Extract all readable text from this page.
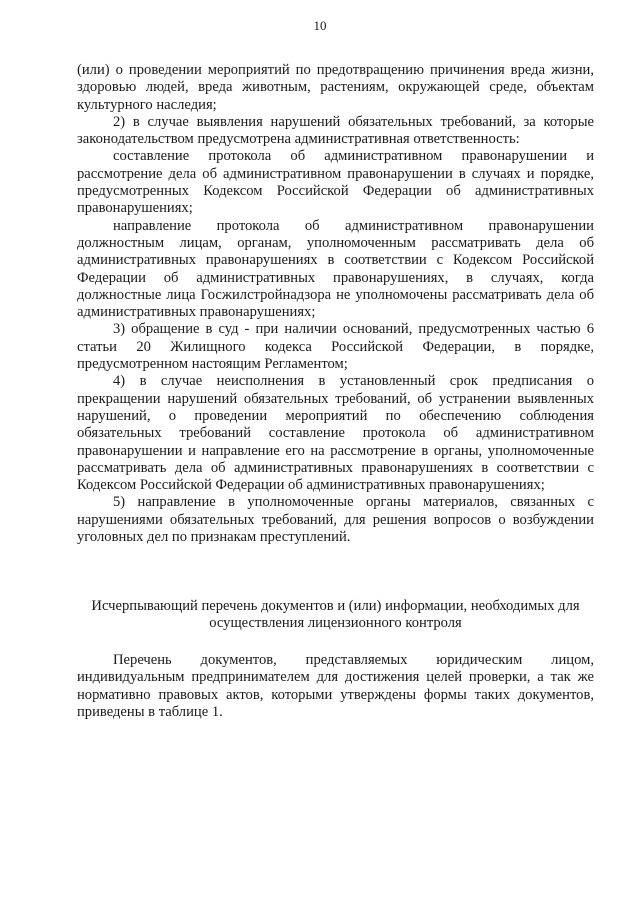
10

(или) о проведении мероприятий по предотвращению причинения вреда жизни, здоровью людей, вреда животным, растениям, окружающей среде, объектам культурного наследия;

2) в случае выявления нарушений обязательных требований, за которые законодательством предусмотрена административная ответственность:

составление протокола об административном правонарушении и рассмотрение дела об административном правонарушении в случаях и порядке, предусмотренных Кодексом Российской Федерации об административных правонарушениях;

направление протокола об административном правонарушении должностным лицам, органам, уполномоченным рассматривать дела об административных правонарушениях в соответствии с Кодексом Российской Федерации об административных правонарушениях, в случаях, когда должностные лица Госжилстройнадзора не уполномочены рассматривать дела об административных правонарушениях;

3) обращение в суд - при наличии оснований, предусмотренных частью 6 статьи 20 Жилищного кодекса Российской Федерации, в порядке, предусмотренном настоящим Регламентом;

4) в случае неисполнения в установленный срок предписания о прекращении нарушений обязательных требований, об устранении выявленных нарушений, о проведении мероприятий по обеспечению соблюдения обязательных требований составление протокола об административном правонарушении и направление его на рассмотрение в органы, уполномоченные рассматривать дела об административных правонарушениях в соответствии с Кодексом Российской Федерации об административных правонарушениях;

5) направление в уполномоченные органы материалов, связанных с нарушениями обязательных требований, для решения вопросов о возбуждении уголовных дел по признакам преступлений.

Исчерпывающий перечень документов и (или) информации, необходимых для осуществления лицензионного контроля

Перечень документов, представляемых юридическим лицом, индивидуальным предпринимателем для достижения целей проверки, а так же нормативно правовых актов, которыми утверждены формы таких документов, приведены в таблице 1.
